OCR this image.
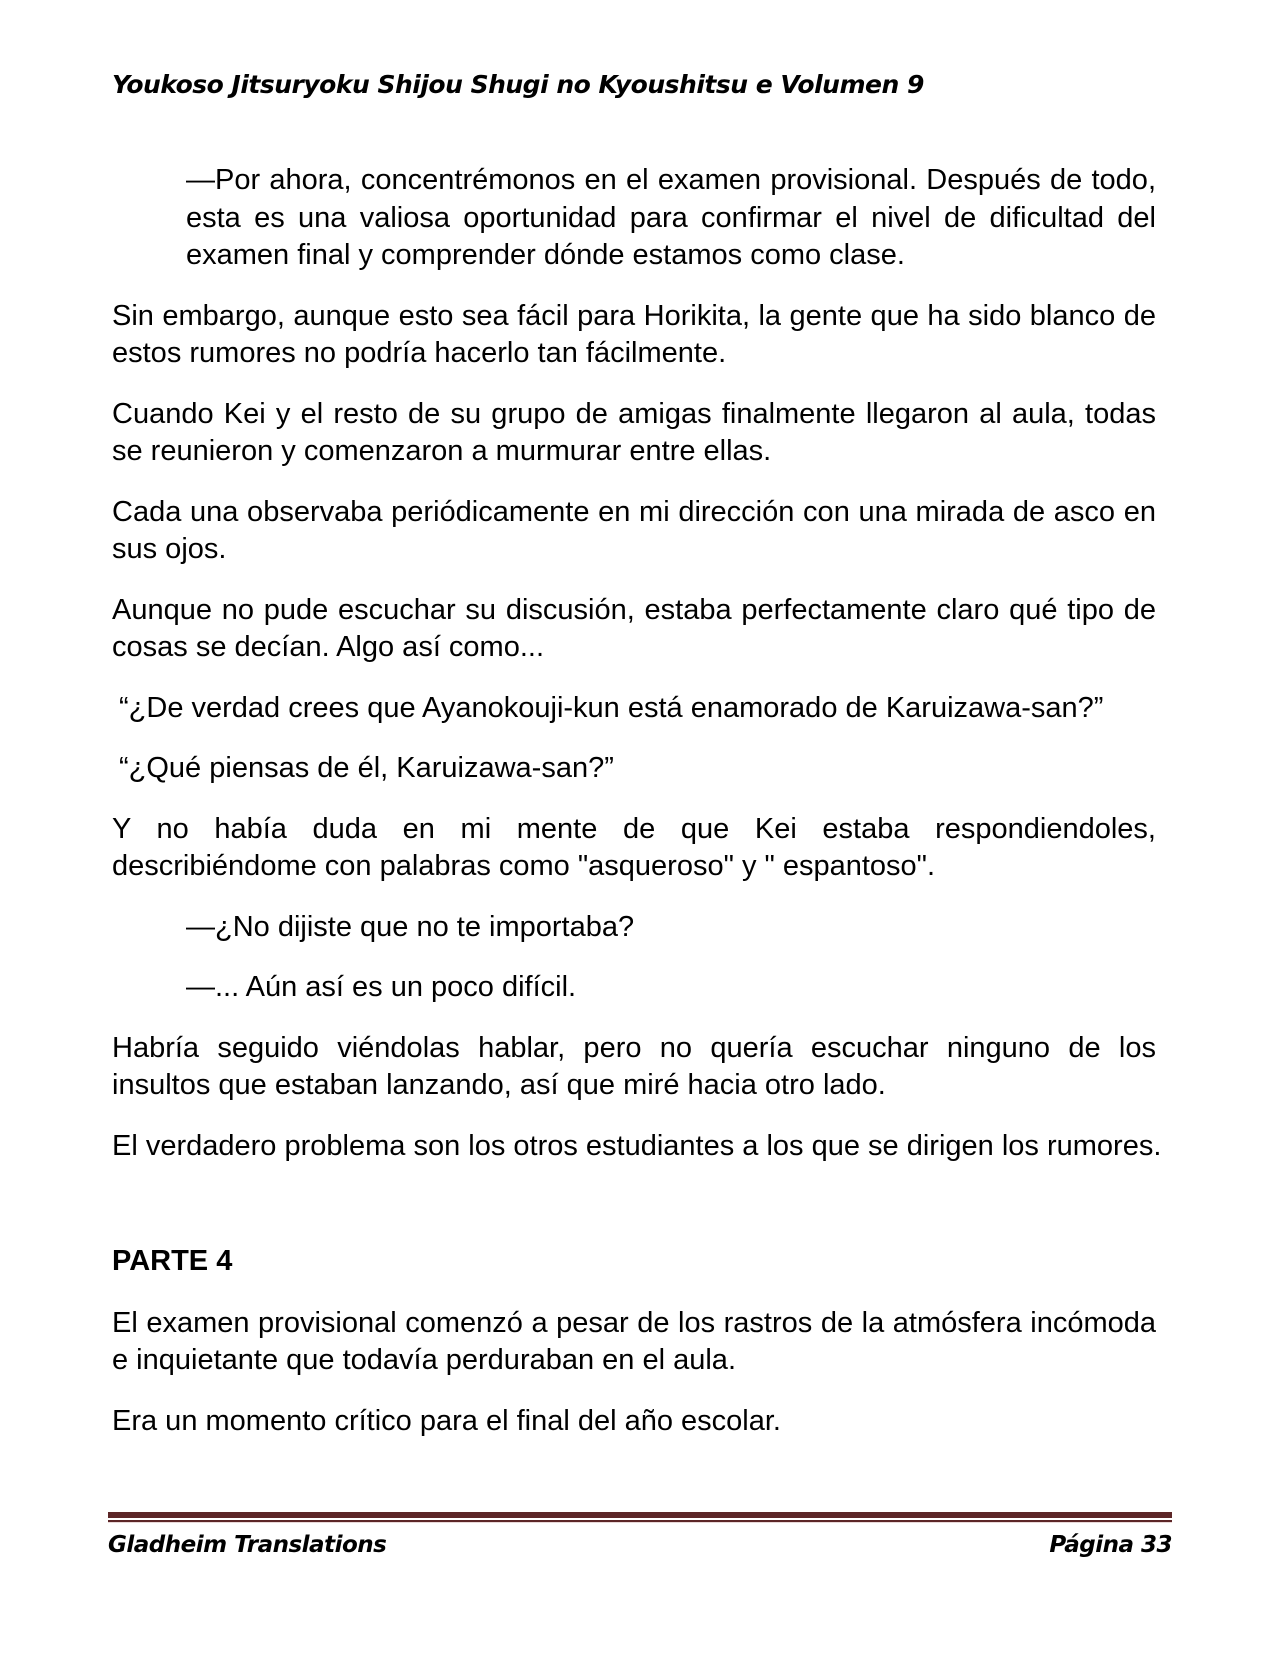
Youkoso Jitsuryoku Shijou Shugi no Kyoushitsu e Volumen 9

—Por ahora, concentrémonos en el examen provisional. Después de todo, esta es una valiosa oportunidad para confirmar el nivel de dificultad del examen final y comprender dónde estamos como clase.

Sin embargo, aunque esto sea fácil para Horikita, la gente que ha sido blanco de estos rumores no podría hacerlo tan fácilmente.

Cuando Kei y el resto de su grupo de amigas finalmente llegaron al aula, todas se reunieron y comenzaron a murmurar entre ellas.

Cada una observaba periódicamente en mi dirección con una mirada de asco en sus ojos.

Aunque no pude escuchar su discusión, estaba perfectamente claro qué tipo de cosas se decían. Algo así como...

“¿De verdad crees que Ayanokouji-kun está enamorado de Karuizawa-san?”

“¿Qué piensas de él, Karuizawa-san?”

Y no había duda en mi mente de que Kei estaba respondiendoles, describiéndome con palabras como "asqueroso" y " espantoso".

—¿No dijiste que no te importaba?

—... Aún así es un poco difícil.

Habría seguido viéndolas hablar, pero no quería escuchar ninguno de los insultos que estaban lanzando, así que miré hacia otro lado.

El verdadero problema son los otros estudiantes a los que se dirigen los rumores.

PARTE 4

El examen provisional comenzó a pesar de los rastros de la atmósfera incómoda e inquietante que todavía perduraban en el aula.

Era un momento crítico para el final del año escolar.

Gladheim Translations	Página 33
